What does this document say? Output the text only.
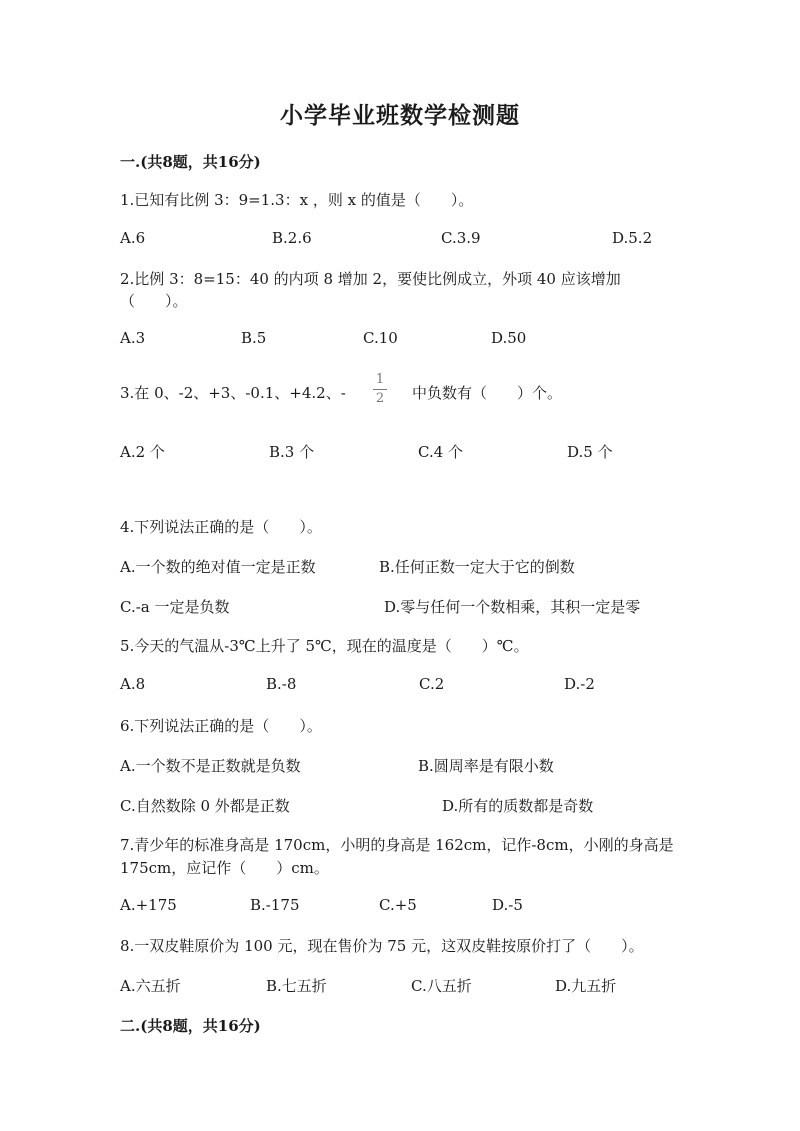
小学毕业班数学检测题
一.(共8题，共16分)
1.已知有比例 3：9=1.3：x ，则 x 的值是（　　）。
A.6	B.2.6	C.3.9	D.5.2
2.比例 3：8=15：40 的内项 8 增加 2，要使比例成立，外项 40 应该增加
（　　）。
A.3	B.5	C.10	D.50
3.在 0、-2、+3、-0.1、+4.2、-
1
2 中负数有（　　）个。
A.2 个	B.3 个	C.4 个	D.5 个
4.下列说法正确的是（　　）。
A.一个数的绝对值一定是正数	B.任何正数一定大于它的倒数
C.-a 一定是负数	D.零与任何一个数相乘，其积一定是零
5.今天的气温从-3℃上升了 5℃，现在的温度是（　　）℃。
A.8	B.-8	C.2	D.-2
6.下列说法正确的是（　　）。
A.一个数不是正数就是负数	B.圆周率是有限小数
C.自然数除 0 外都是正数	D.所有的质数都是奇数
7.青少年的标准身高是 170cm，小明的身高是 162cm，记作-8cm，小刚的身高是
175cm，应记作（　　）cm。
A.+175	B.-175	C.+5	D.-5
8.一双皮鞋原价为 100 元，现在售价为 75 元，这双皮鞋按原价打了（　　）。
A.六五折	B.七五折	C.八五折	D.九五折
二.(共8题，共16分)
